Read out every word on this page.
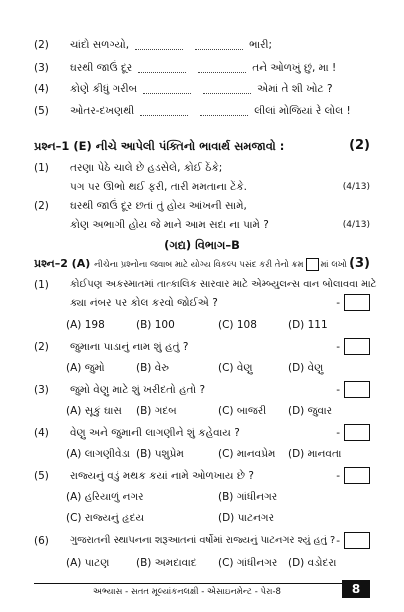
(2) ચાંદો સળગ્યો,	ભારી;
(3) ઘરથી જાઉં દૂર	તને ઓળખું છું, મા !
(4) કોણે કીધું ગરીબ	એમાં તે શી ખોટ ?
(5) ઓતર-દખણથી	લીલાં મોજિયાં રે લોલ !
પ્રશ્ન–1 (E) નીચે આપેલી પંક્તિનો ભાવાર્થ સમજાવો :	(2)
(1) તરણા પેઠે ચાલે છે હડસેલે, કોઈ ઠેંકે;
પગ પર ઊભો થઈ ફરી, તારી મમતાના ટેંકે.	(4/13)
(2) ઘરથી જાઉં દૂર છતાં તું હોય આંખની સામે,
કોણ અભાગી હોય જે માને આમ સદા ના પામે ?	(4/13)
(ગદ્ય) વિભાગ–B
પ્રશ્ન–2 (A) નીચેના પ્રશ્નોના જવાબ માટે યોગ્ય વિકલ્પ પસંદ કરી તેનો ક્રમ માં લખો :
(3)
(1) કોઈપણ અકસ્માતમાં તાત્કાલિક સારવાર માટે એમ્બ્યુલન્સ વાન બોલાવવા માટે
ક્યા નંબર પર કોલ કરવો જોઈએ ?	-
(A) 198	(B) 100	(C) 108	(D) 111
(2) જુમાના પાડાનું નામ શું હતું ?	-
(A) જુમો	(B) વેરુ	(C) વેણુ	(D) વેણુ
(3) જુમો વેણુ માટે શું ખરીદતો હતો ?	-
(A) સૂકું ઘાસ (B) ગદબ	(C) બાજરી (D) જુવાર
(4) વેણુ અને જુમાની લાગણીને શું કહેવાય ?	-
(A) લાગણીવેડા (B) પશુપ્રેમ	(C) માનવપ્રેમ (D) માનવતા
(5) રાજ્યનું વડું મથક કયાં નામે ઓળખાય છે ?	-
(A) હરિયાળું નગર	(B) ગાંધીનગર
(C) રાજ્યનું હૃદય	(D) પાટનગર
(6) ગુજરાતની સ્થાપનના શરૂઆતનાં વર્ષોમાં રાજ્યનું પાટનગર શ્યું હતું ? -
(A) પાટણ	(B) અમદાવાદ (C) ગાંધીનગર (D) વડોદરા
અભ્યાસ - સતત મૂલ્યાંકનલક્ષી - એસાઇનમેન્ટ - પેરા-8	8
